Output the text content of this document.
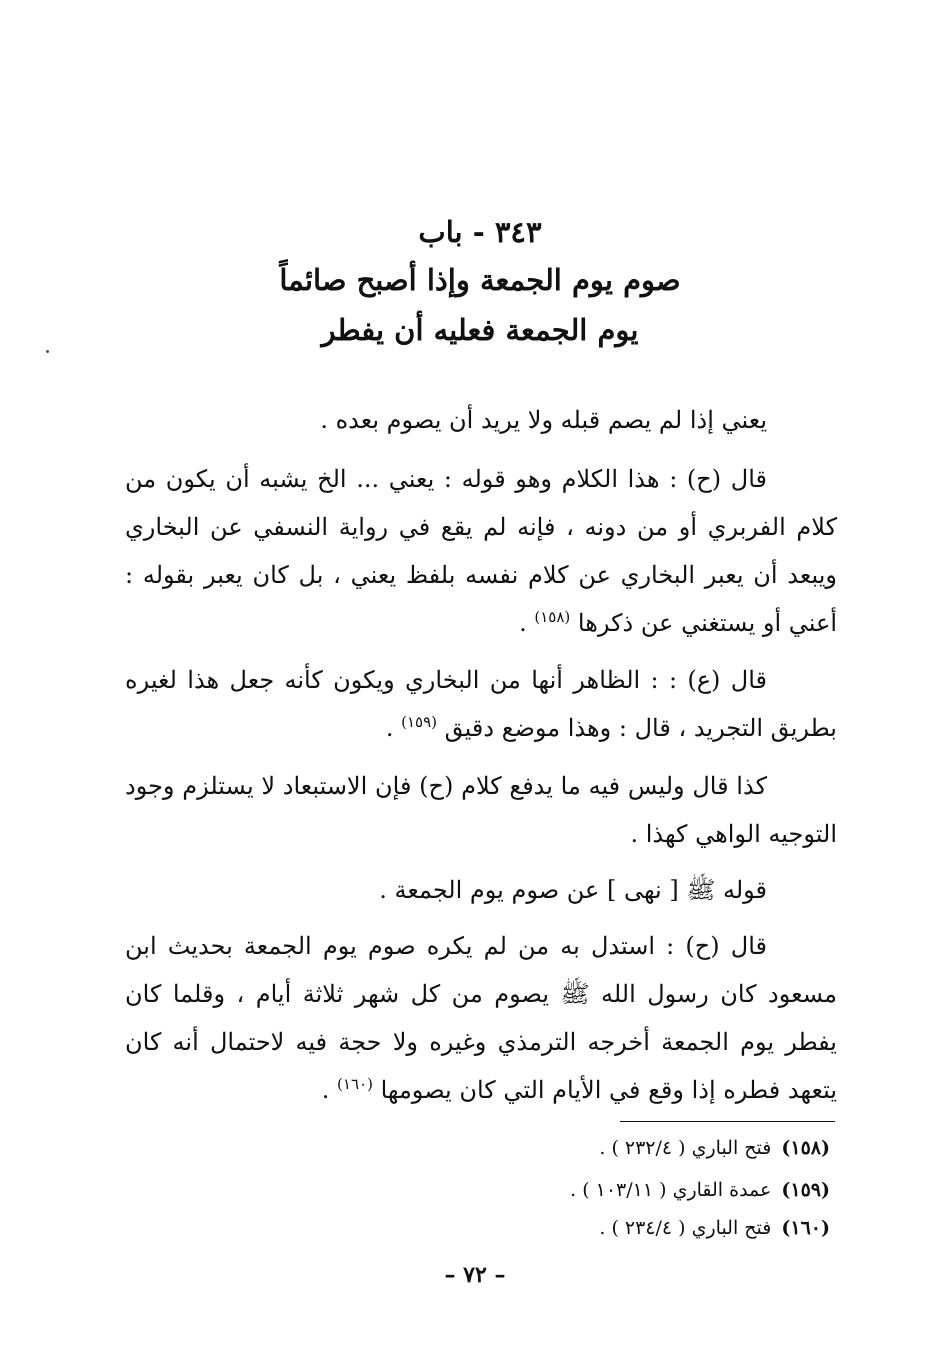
٣٤٣ - باب
صوم يوم الجمعة وإذا أصبح صائماً
يوم الجمعة فعليه أن يفطر
يعني إذا لم يصم قبله ولا يريد أن يصوم بعده .
قال (ح) : هذا الكلام وهو قوله : يعني ... الخ يشبه أن يكون من كلام الفربري أو من دونه ، فإنه لم يقع في رواية النسفي عن البخاري ويبعد أن يعبر البخاري عن كلام نفسه بلفظ يعني ، بل كان يعبر بقوله : أعني أو يستغني عن ذكرها $^{(١٥٨)}$ .
قال (ع) : : الظاهر أنها من البخاري ويكون كأنه جعل هذا لغيره بطريق التجريد ، قال : وهذا موضع دقيق $^{(١٥٩)}$ .
كذا قال وليس فيه ما يدفع كلام (ح) فإن الاستبعاد لا يستلزم وجود التوجيه الواهي كهذا .
قوله ﷺ [ نهى ] عن صوم يوم الجمعة .
قال (ح) : استدل به من لم يكره صوم يوم الجمعة بحديث ابن مسعود كان رسول الله ﷺ يصوم من كل شهر ثلاثة أيام ، وقلما كان يفطر يوم الجمعة أخرجه الترمذي وغيره ولا حجة فيه لاحتمال أنه كان يتعهد فطره إذا وقع في الأيام التي كان يصومها $^{(١٦٠)}$ .
(١٥٨)فتح الباري ( ٢٣٢/٤ ) .
(١٥٩)عمدة القاري ( ١٠٣/١١ ) .
(١٦٠)فتح الباري ( ٢٣٤/٤ ) .
– ٧٢ –
